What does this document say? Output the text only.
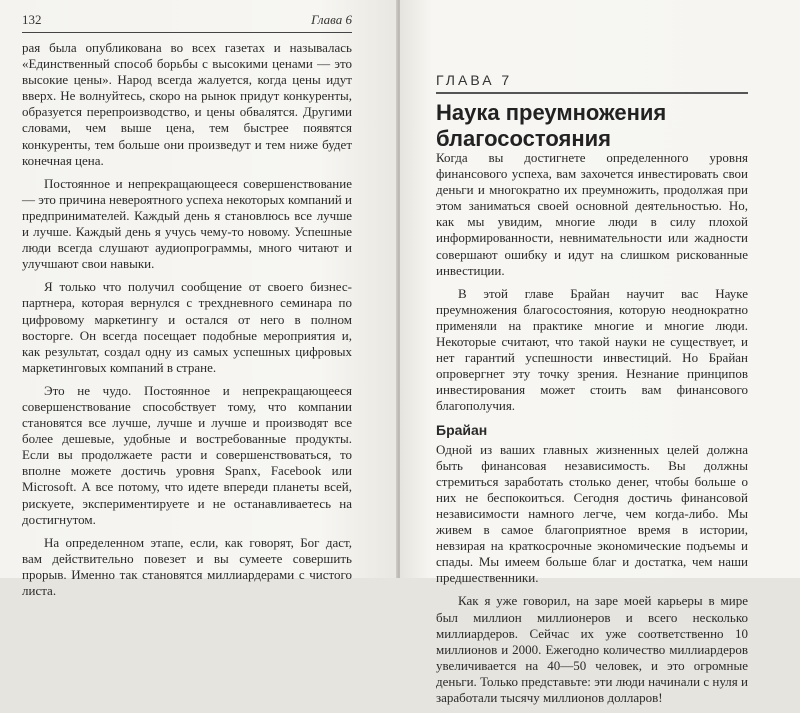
132	Глава 6

рая была опубликована во всех газетах и называлась «Единственный способ борьбы с высокими ценами — это высокие цены». Народ всегда жалуется, когда цены идут вверх. Не волнуйтесь, скоро на рынок придут конкуренты, образуется перепроизводство, и цены обвалятся. Другими словами, чем выше цена, тем быстрее появятся конкуренты, тем больше они произведут и тем ниже будет конечная цена.

Постоянное и непрекращающееся совершенствование — это причина невероятного успеха некоторых компаний и предпринимателей. Каждый день я становлюсь все лучше и лучше. Каждый день я учусь чему-то новому. Успешные люди всегда слушают аудиопрограммы, много читают и улучшают свои навыки.

Я только что получил сообщение от своего бизнес-партнера, которая вернулся с трехдневного семинара по цифровому маркетингу и остался от него в полном восторге. Он всегда посещает подобные мероприятия и, как результат, создал одну из самых успешных цифровых маркетинговых компаний в стране.

Это не чудо. Постоянное и непрекращающееся совершенствование способствует тому, что компании становятся все лучше, лучше и лучше и производят все более дешевые, удобные и востребованные продукты. Если вы продолжаете расти и совершенствоваться, то вполне можете достичь уровня Spanx, Facebook или Microsoft. А все потому, что идете впереди планеты всей, рискуете, экспериментируете и не останавливаетесь на достигнутом.

На определенном этапе, если, как говорят, Бог даст, вам действительно повезет и вы сумеете совершить прорыв. Именно так становятся миллиардерами с чистого листа.

ГЛАВА 7
Наука преумножения благосостояния

Когда вы достигнете определенного уровня финансового успеха, вам захочется инвестировать свои деньги и многократно их преумножить, продолжая при этом заниматься своей основной деятельностью. Но, как мы увидим, многие люди в силу плохой информированности, невнимательности или жадности совершают ошибку и идут на слишком рискованные инвестиции.

В этой главе Брайан научит вас Науке преумножения благосостояния, которую неоднократно применяли на практике многие и многие люди. Некоторые считают, что такой науки не существует, и нет гарантий успешности инвестиций. Но Брайан опровергнет эту точку зрения. Незнание принципов инвестирования может стоить вам финансового благополучия.

Брайан

Одной из ваших главных жизненных целей должна быть финансовая независимость. Вы должны стремиться заработать столько денег, чтобы больше о них не беспокоиться. Сегодня достичь финансовой независимости намного легче, чем когда-либо. Мы живем в самое благоприятное время в истории, невзирая на краткосрочные экономические подъемы и спады. Мы имеем больше благ и достатка, чем наши предшественники.

Как я уже говорил, на заре моей карьеры в мире был миллион миллионеров и всего несколько миллиардеров. Сейчас их уже соответственно 10 миллионов и 2000. Ежегодно количество миллиардеров увеличивается на 40—50 человек, и это огромные деньги. Только представьте: эти люди начинали с нуля и заработали тысячу миллионов долларов!
